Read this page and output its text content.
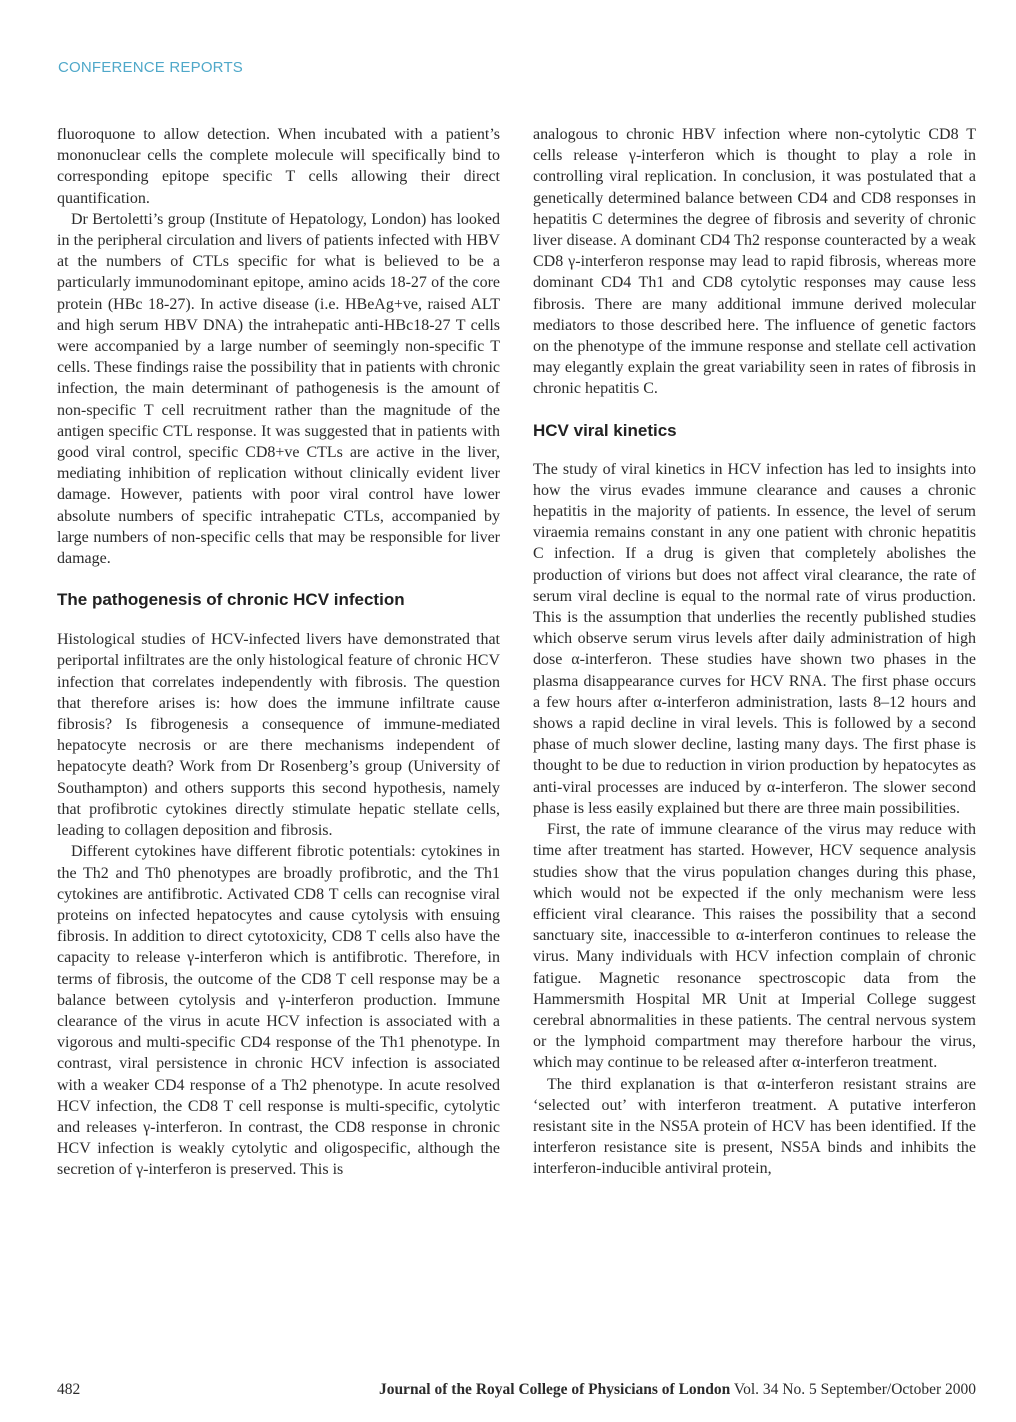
CONFERENCE REPORTS

fluoroquone to allow detection. When incubated with a patient’s mononuclear cells the complete molecule will specifically bind to corresponding epitope specific T cells allowing their direct quantification.

Dr Bertoletti’s group (Institute of Hepatology, London) has looked in the peripheral circulation and livers of patients infected with HBV at the numbers of CTLs specific for what is believed to be a particularly immunodominant epitope, amino acids 18-27 of the core protein (HBc 18-27). In active disease (i.e. HBeAg+ve, raised ALT and high serum HBV DNA) the intrahepatic anti-HBc18-27 T cells were accompanied by a large number of seemingly non-specific T cells. These findings raise the possibility that in patients with chronic infection, the main determinant of pathogenesis is the amount of non-specific T cell recruitment rather than the magnitude of the antigen specific CTL response. It was suggested that in patients with good viral control, specific CD8+ve CTLs are active in the liver, mediating inhibition of replication without clinically evident liver damage. However, patients with poor viral control have lower absolute numbers of specific intrahepatic CTLs, accompanied by large numbers of non-specific cells that may be responsible for liver damage.

The pathogenesis of chronic HCV infection

Histological studies of HCV-infected livers have demonstrated that periportal infiltrates are the only histological feature of chronic HCV infection that correlates independently with fibrosis. The question that therefore arises is: how does the immune infiltrate cause fibrosis? Is fibrogenesis a consequence of immune-mediated hepatocyte necrosis or are there mechanisms independent of hepatocyte death? Work from Dr Rosenberg’s group (University of Southampton) and others supports this second hypothesis, namely that profibrotic cytokines directly stimulate hepatic stellate cells, leading to collagen deposition and fibrosis.

Different cytokines have different fibrotic potentials: cytokines in the Th2 and Th0 phenotypes are broadly profibrotic, and the Th1 cytokines are antifibrotic. Activated CD8 T cells can recognise viral proteins on infected hepatocytes and cause cytolysis with ensuing fibrosis. In addition to direct cytotoxicity, CD8 T cells also have the capacity to release γ-interferon which is antifibrotic. Therefore, in terms of fibrosis, the outcome of the CD8 T cell response may be a balance between cytolysis and γ-interferon production. Immune clearance of the virus in acute HCV infection is associated with a vigorous and multi-specific CD4 response of the Th1 phenotype. In contrast, viral persistence in chronic HCV infection is associated with a weaker CD4 response of a Th2 phenotype. In acute resolved HCV infection, the CD8 T cell response is multi-specific, cytolytic and releases γ-interferon. In contrast, the CD8 response in chronic HCV infection is weakly cytolytic and oligospecific, although the secretion of γ-interferon is preserved. This is

analogous to chronic HBV infection where non-cytolytic CD8 T cells release γ-interferon which is thought to play a role in controlling viral replication. In conclusion, it was postulated that a genetically determined balance between CD4 and CD8 responses in hepatitis C determines the degree of fibrosis and severity of chronic liver disease. A dominant CD4 Th2 response counteracted by a weak CD8 γ-interferon response may lead to rapid fibrosis, whereas more dominant CD4 Th1 and CD8 cytolytic responses may cause less fibrosis. There are many additional immune derived molecular mediators to those described here. The influence of genetic factors on the phenotype of the immune response and stellate cell activation may elegantly explain the great variability seen in rates of fibrosis in chronic hepatitis C.

HCV viral kinetics

The study of viral kinetics in HCV infection has led to insights into how the virus evades immune clearance and causes a chronic hepatitis in the majority of patients. In essence, the level of serum viraemia remains constant in any one patient with chronic hepatitis C infection. If a drug is given that completely abolishes the production of virions but does not affect viral clearance, the rate of serum viral decline is equal to the normal rate of virus production. This is the assumption that underlies the recently published studies which observe serum virus levels after daily administration of high dose α-interferon. These studies have shown two phases in the plasma disappearance curves for HCV RNA. The first phase occurs a few hours after α-interferon administration, lasts 8–12 hours and shows a rapid decline in viral levels. This is followed by a second phase of much slower decline, lasting many days. The first phase is thought to be due to reduction in virion production by hepatocytes as anti-viral processes are induced by α-interferon. The slower second phase is less easily explained but there are three main possibilities.

First, the rate of immune clearance of the virus may reduce with time after treatment has started. However, HCV sequence analysis studies show that the virus population changes during this phase, which would not be expected if the only mechanism were less efficient viral clearance. This raises the possibility that a second sanctuary site, inaccessible to α-interferon continues to release the virus. Many individuals with HCV infection complain of chronic fatigue. Magnetic resonance spectroscopic data from the Hammersmith Hospital MR Unit at Imperial College suggest cerebral abnormalities in these patients. The central nervous system or the lymphoid compartment may therefore harbour the virus, which may continue to be released after α-interferon treatment.

The third explanation is that α-interferon resistant strains are ‘selected out’ with interferon treatment. A putative interferon resistant site in the NS5A protein of HCV has been identified. If the interferon resistance site is present, NS5A binds and inhibits the interferon-inducible antiviral protein,

482	Journal of the Royal College of Physicians of London Vol. 34 No. 5 September/October 2000
